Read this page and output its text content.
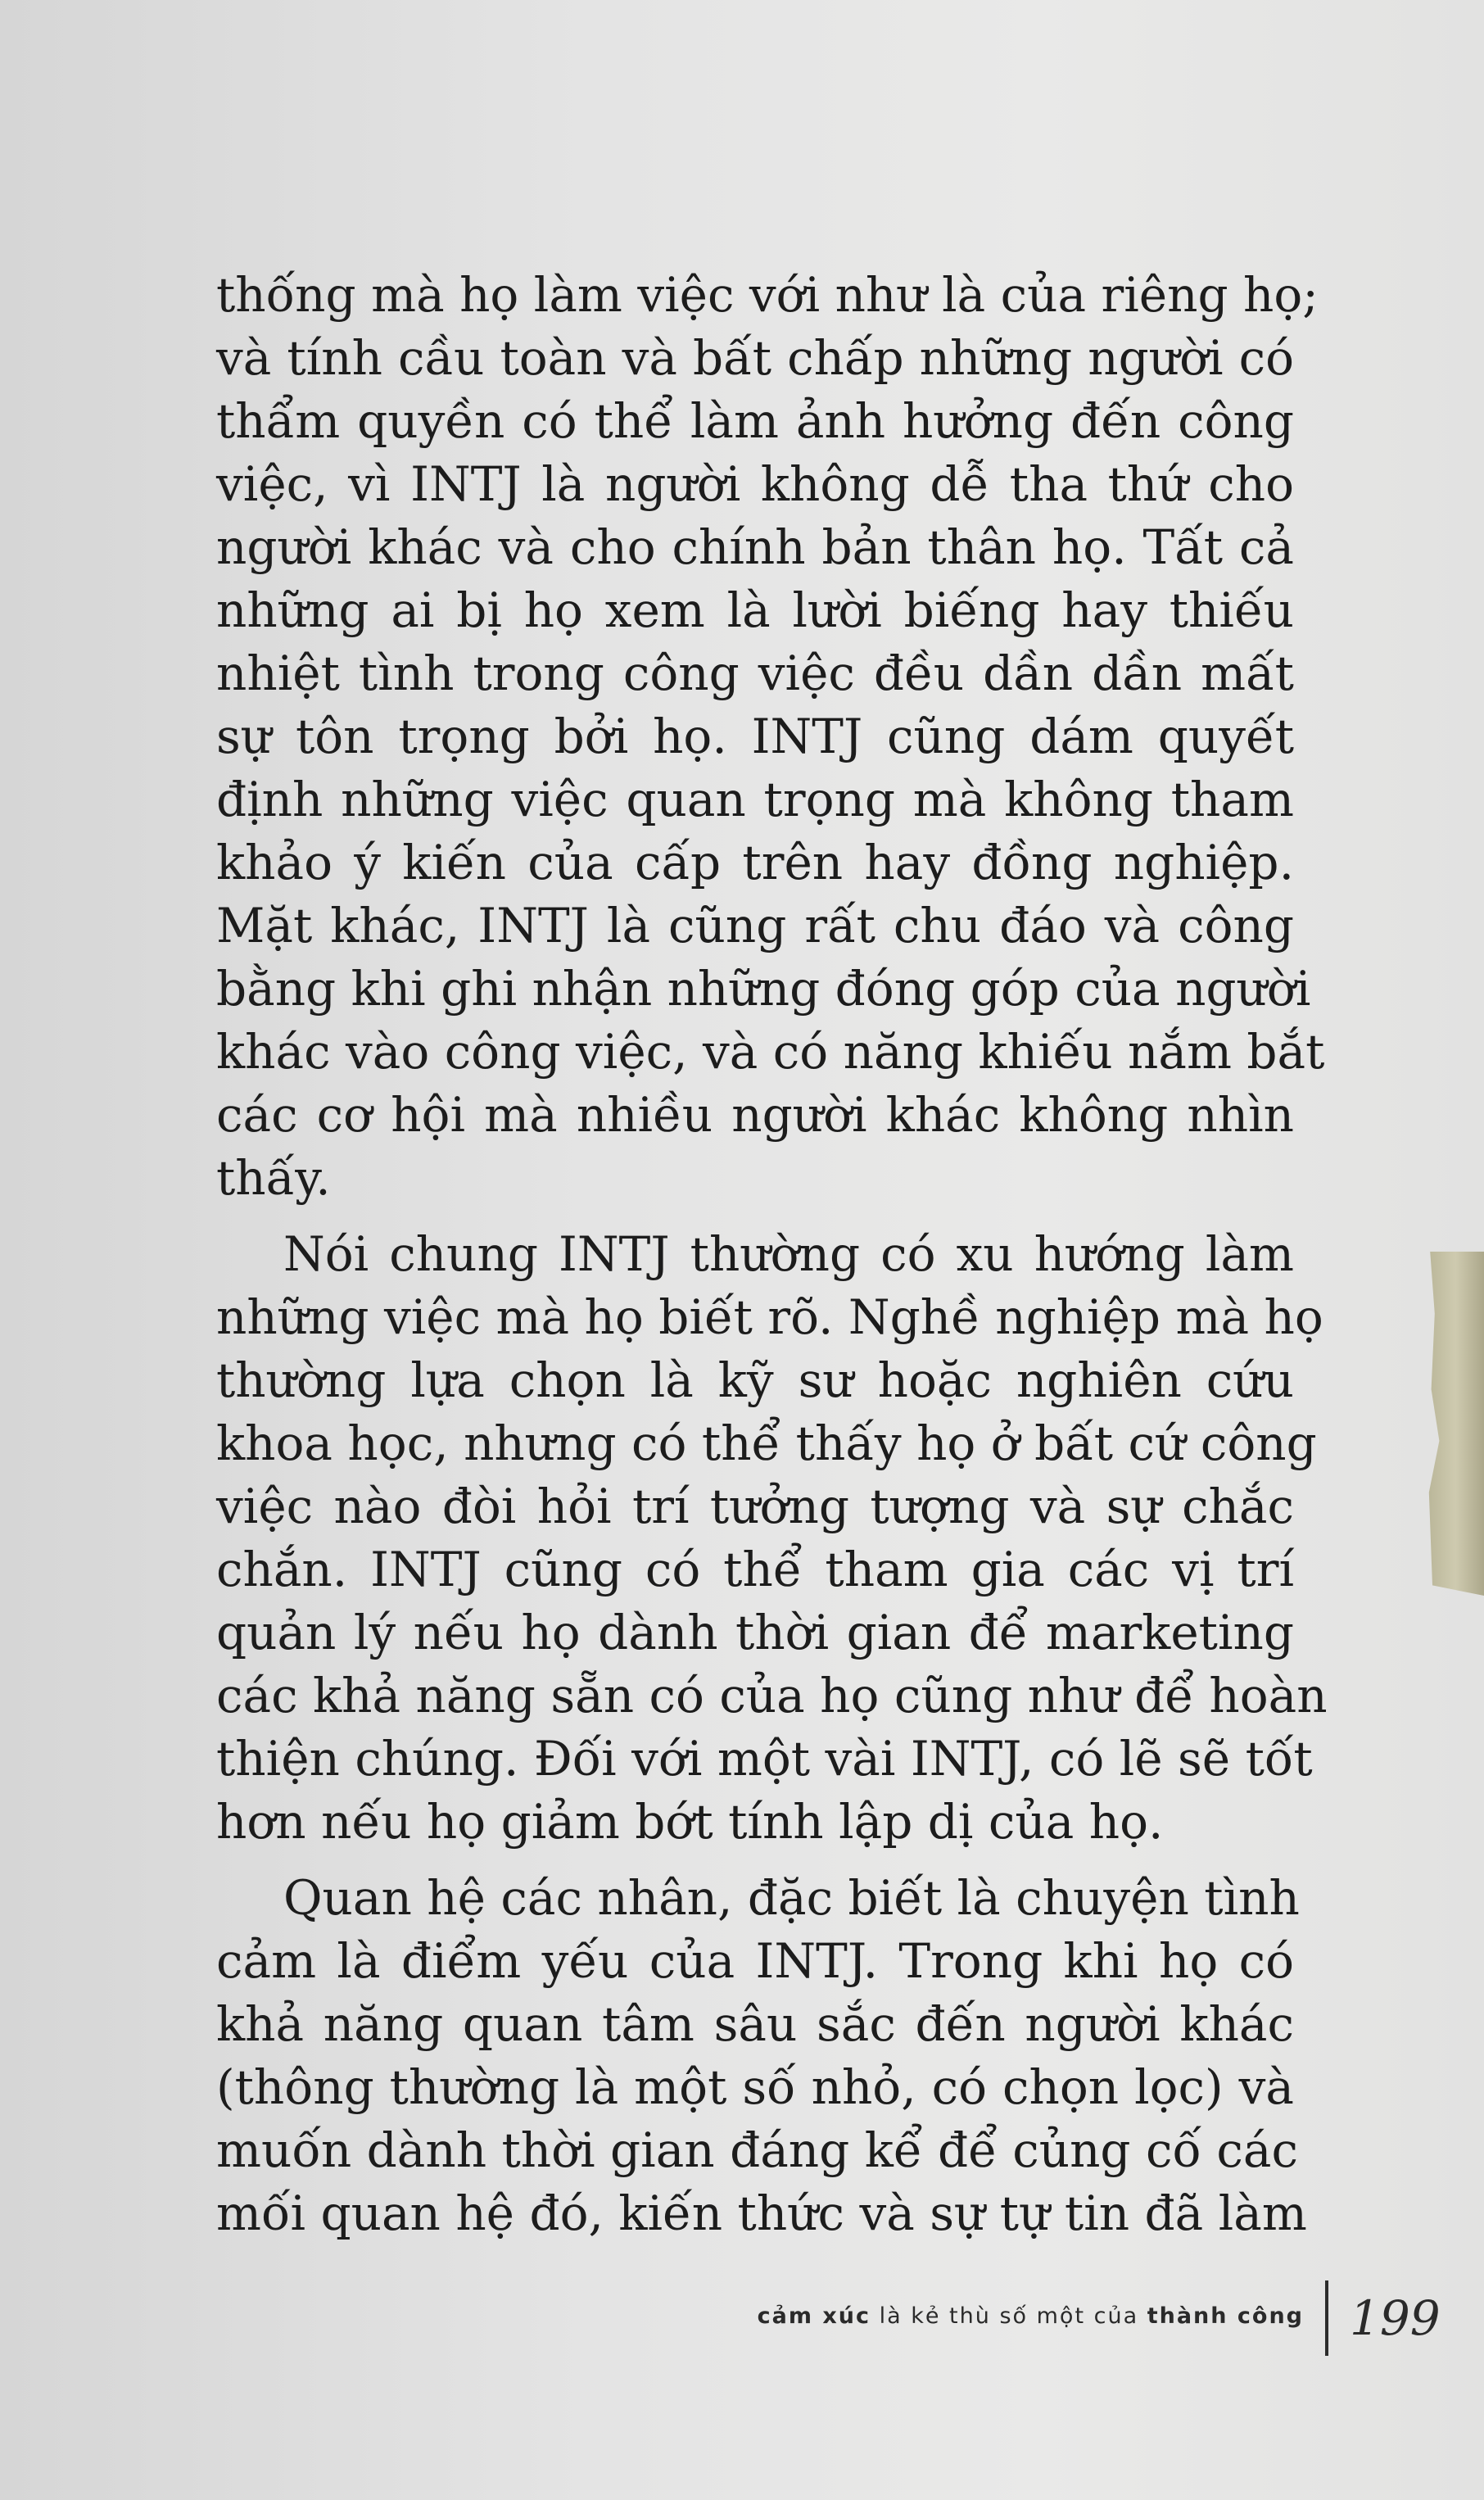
thống mà họ làm việc với như là của riêng họ;
và tính cầu toàn và bất chấp những người có
thẩm quyền có thể làm ảnh hưởng đến công
việc, vì INTJ là người không dễ tha thứ cho
người khác và cho chính bản thân họ. Tất cả
những ai bị họ xem là lười biếng hay thiếu
nhiệt tình trong công việc đều dần dần mất
sự tôn trọng bởi họ. INTJ cũng dám quyết
định những việc quan trọng mà không tham
khảo ý kiến của cấp trên hay đồng nghiệp.
Mặt khác, INTJ là cũng rất chu đáo và công
bằng khi ghi nhận những đóng góp của người
khác vào công việc, và có năng khiếu nắm bắt
các cơ hội mà nhiều người khác không nhìn
thấy.
Nói chung INTJ thường có xu hướng làm
những việc mà họ biết rõ. Nghề nghiệp mà họ
thường lựa chọn là kỹ sư hoặc nghiên cứu
khoa học, nhưng có thể thấy họ ở bất cứ công
việc nào đòi hỏi trí tưởng tượng và sự chắc
chắn. INTJ cũng có thể tham gia các vị trí
quản lý nếu họ dành thời gian để marketing
các khả năng sẵn có của họ cũng như để hoàn
thiện chúng. Đối với một vài INTJ, có lẽ sẽ tốt
hơn nếu họ giảm bớt tính lập dị của họ.
Quan hệ các nhân, đặc biết là chuyện tình
cảm là điểm yếu của INTJ. Trong khi họ có
khả năng quan tâm sâu sắc đến người khác
(thông thường là một số nhỏ, có chọn lọc) và
muốn dành thời gian đáng kể để củng cố các
mối quan hệ đó, kiến thức và sự tự tin đã làm
cảm xúc là kẻ thù số một của thành công 199
